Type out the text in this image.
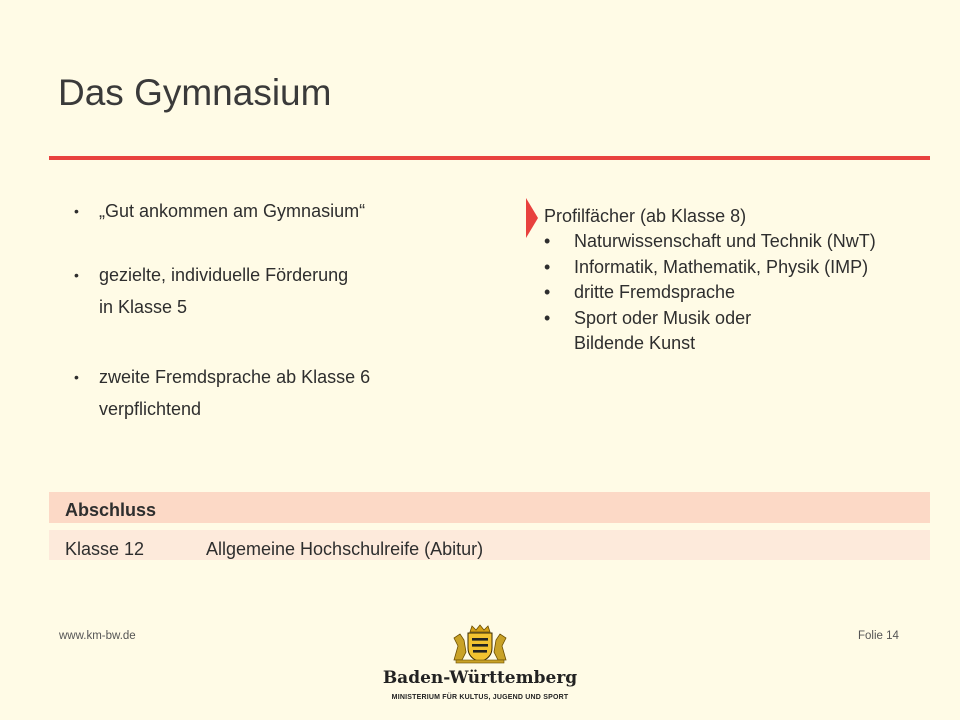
Das Gymnasium
• „Gut ankommen am Gymnasium“
• gezielte, individuelle Förderung
in Klasse 5
• zweite Fremdsprache ab Klasse 6
verpflichtend
Profilfächer (ab Klasse 8)
• Naturwissenschaft und Technik (NwT)
• Informatik, Mathematik, Physik (IMP)
• dritte Fremdsprache
• Sport oder Musik oder
Bildende Kunst
Abschluss
Klasse 12	Allgemeine Hochschulreife (Abitur)
www.km-bw.de	Folie 14
Baden-Württemberg
MINISTERIUM FÜR KULTUS, JUGEND UND SPORT
